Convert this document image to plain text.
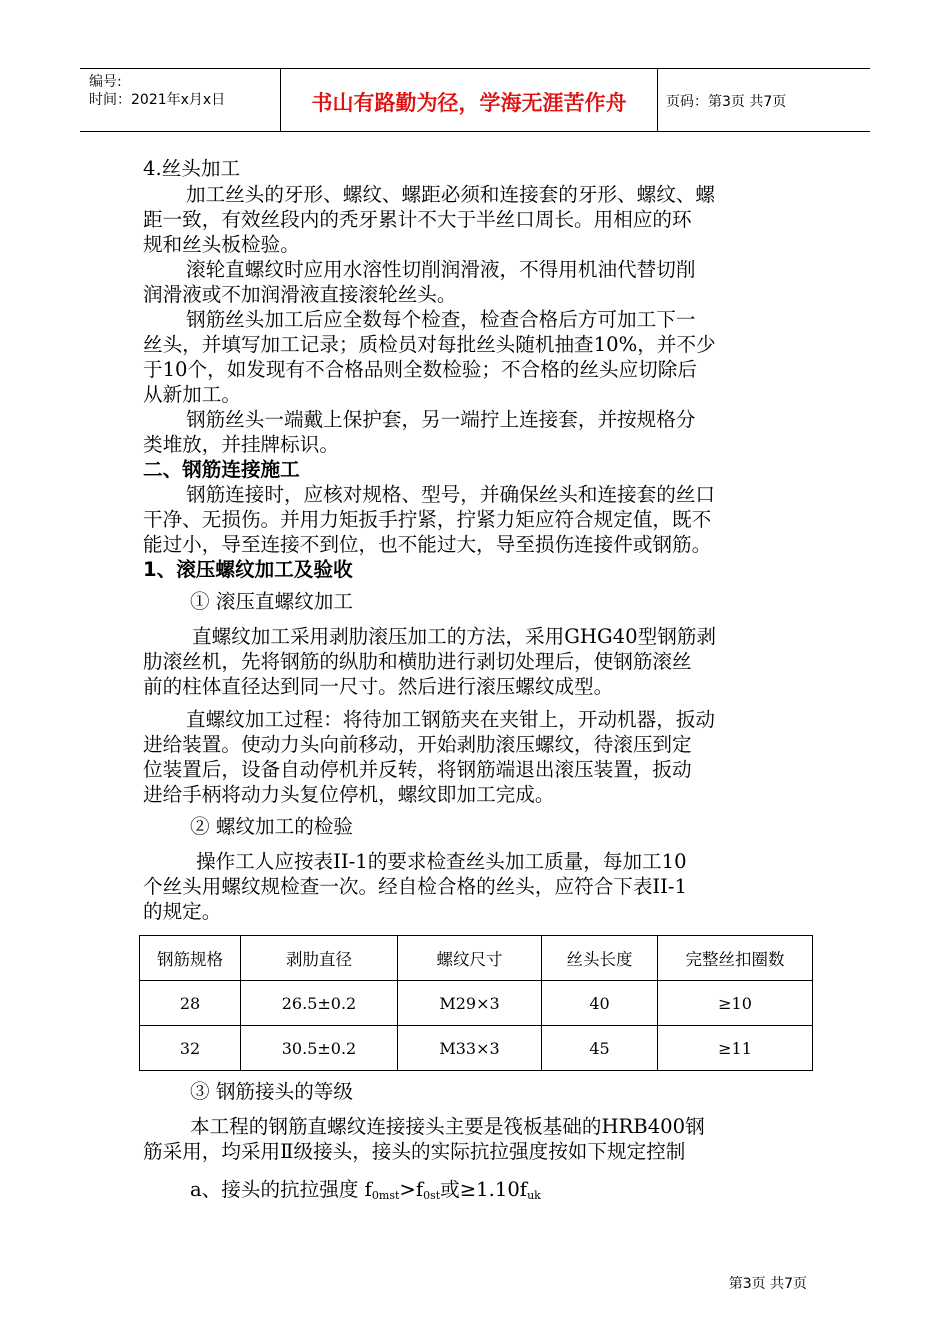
编号:
时间：2021年x月x日	书山有路勤为径，学海无涯苦作舟	页码：第3页 共7页
4.丝头加工
加工丝头的牙形、螺纹、螺距必须和连接套的牙形、螺纹、螺
距一致，有效丝段内的秃牙累计不大于半丝口周长。用相应的环
规和丝头板检验。
滚轮直螺纹时应用水溶性切削润滑液，不得用机油代替切削
润滑液或不加润滑液直接滚轮丝头。
钢筋丝头加工后应全数每个检查，检查合格后方可加工下一
丝头，并填写加工记录；质检员对每批丝头随机抽查10%，并不少
于10个，如发现有不合格品则全数检验；不合格的丝头应切除后
从新加工。
钢筋丝头一端戴上保护套，另一端拧上连接套，并按规格分
类堆放，并挂牌标识。
二、钢筋连接施工
钢筋连接时，应核对规格、型号，并确保丝头和连接套的丝口
干净、无损伤。并用力矩扳手拧紧，拧紧力矩应符合规定值，既不
能过小，导至连接不到位，也不能过大，导至损伤连接件或钢筋。
1、滚压螺纹加工及验收
① 滚压直螺纹加工
直螺纹加工采用剥肋滚压加工的方法，采用GHG40型钢筋剥
肋滚丝机，先将钢筋的纵肋和横肋进行剥切处理后，使钢筋滚丝
前的柱体直径达到同一尺寸。然后进行滚压螺纹成型。
直螺纹加工过程：将待加工钢筋夹在夹钳上，开动机器，扳动
进给装置。使动力头向前移动，开始剥肋滚压螺纹，待滚压到定
位装置后，设备自动停机并反转，将钢筋端退出滚压装置，扳动
进给手柄将动力头复位停机，螺纹即加工完成。
② 螺纹加工的检验
操作工人应按表II-1的要求检查丝头加工质量，每加工10
个丝头用螺纹规检查一次。经自检合格的丝头，应符合下表II-1
的规定。
钢筋规格	剥肋直径	螺纹尺寸	丝头长度	完整丝扣圈数
28	26.5±0.2	M29×3	40	≥10
32	30.5±0.2	M33×3	45	≥11
③ 钢筋接头的等级
本工程的钢筋直螺纹连接接头主要是筏板基础的HRB400钢
筋采用，均采用Ⅱ级接头，接头的实际抗拉强度按如下规定控制
a、接头的抗拉强度 $f_{0mst}>f_{0st}$或$\ge 1.10f_{uk}$
第3页 共7页
